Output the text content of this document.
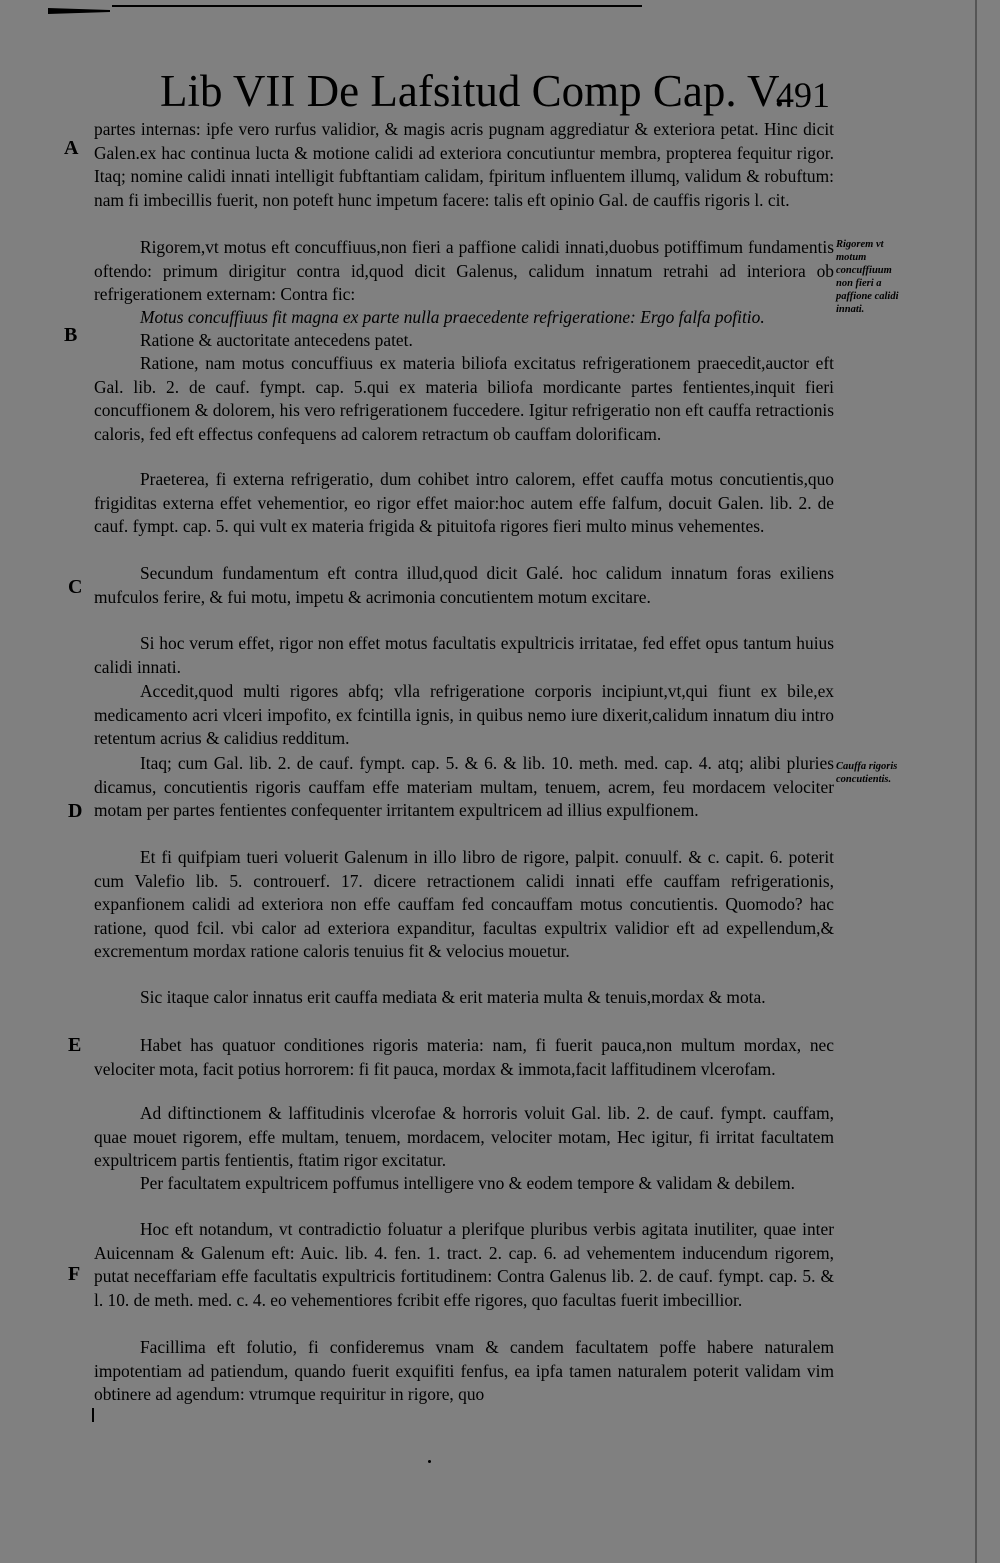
Lib VII De Lafsitud Comp Cap. V.
491
A
B
C
D
E
F
Rigorem vt motum concuffiuum non fieri a paffione calidi innati.
Cauffa rigoris concutientis.

partes internas: ipfe vero rurfus validior, & magis acris pugnam aggrediatur & exteriora petat. Hinc dicit Galen.ex hac continua lucta & motione calidi ad exteriora concutiuntur membra, propterea fequitur rigor. Itaq; nomine calidi innati intelligit fubftantiam calidam, fpiritum influentem illumq, validum & robuftum: nam fi imbecillis fuerit, non poteft hunc impetum facere: talis eft opinio Gal. de cauffis rigoris l. cit.

Rigorem,vt motus eft concuffiuus,non fieri a paffione calidi innati,duobus potiffimum fundamentis oftendo: primum dirigitur contra id,quod dicit Galenus, calidum innatum retrahi ad interiora ob refrigerationem externam: Contra fic:

Motus concuffiuus fit magna ex parte nulla praecedente refrigeratione: Ergo falfa pofitio.

Ratione & auctoritate antecedens patet.

Ratione, nam motus concuffiuus ex materia biliofa excitatus refrigerationem praecedit,auctor eft Gal. lib. 2. de cauf. fympt. cap. 5.qui ex materia biliofa mordicante partes fentientes,inquit fieri concuffionem & dolorem, his vero refrigerationem fuccedere. Igitur refrigeratio non eft cauffa retractionis caloris, fed eft effectus confequens ad calorem retractum ob cauffam dolorificam.

Praeterea, fi externa refrigeratio, dum cohibet intro calorem, effet cauffa motus concutientis,quo frigiditas externa effet vehementior, eo rigor effet maior:hoc autem effe falfum, docuit Galen. lib. 2. de cauf. fympt. cap. 5. qui vult ex materia frigida & pituitofa rigores fieri multo minus vehementes.

Secundum fundamentum eft contra illud,quod dicit Galé. hoc calidum innatum foras exiliens mufculos ferire, & fui motu, impetu & acrimonia concutientem motum excitare.

Si hoc verum effet, rigor non effet motus facultatis expultricis irritatae, fed effet opus tantum huius calidi innati.

Accedit,quod multi rigores abfq; vlla refrigeratione corporis incipiunt,vt,qui fiunt ex bile,ex medicamento acri vlceri impofito, ex fcintilla ignis, in quibus nemo iure dixerit,calidum innatum diu intro retentum acrius & calidius redditum.

Itaq; cum Gal. lib. 2. de cauf. fympt. cap. 5. & 6. & lib. 10. meth. med. cap. 4. atq; alibi pluries dicamus, concutientis rigoris cauffam effe materiam multam, tenuem, acrem, feu mordacem velociter motam per partes fentientes confequenter irritantem expultricem ad illius expulfionem.

Et fi quifpiam tueri voluerit Galenum in illo libro de rigore, palpit. conuulf. & c. capit. 6. poterit cum Valefio lib. 5. controuerf. 17. dicere retractionem calidi innati effe cauffam refrigerationis, expanfionem calidi ad exteriora non effe cauffam fed concauffam motus concutientis. Quomodo? hac ratione, quod fcil. vbi calor ad exteriora expanditur, facultas expultrix validior eft ad expellendum,& excrementum mordax ratione caloris tenuius fit & velocius mouetur.

Sic itaque calor innatus erit cauffa mediata & erit materia multa & tenuis,mordax & mota.

Habet has quatuor conditiones rigoris materia: nam, fi fuerit pauca,non multum mordax, nec velociter mota, facit potius horrorem: fi fit pauca, mordax & immota,facit laffitudinem vlcerofam.

Ad diftinctionem & laffitudinis vlcerofae & horroris voluit Gal. lib. 2. de cauf. fympt. cauffam, quae mouet rigorem, effe multam, tenuem, mordacem, velociter motam, Hec igitur, fi irritat facultatem expultricem partis fentientis, ftatim rigor excitatur.

Per facultatem expultricem poffumus intelligere vno & eodem tempore & validam & debilem.

Hoc eft notandum, vt contradictio foluatur a plerifque pluribus verbis agitata inutiliter, quae inter Auicennam & Galenum eft: Auic. lib. 4. fen. 1. tract. 2. cap. 6. ad vehementem inducendum rigorem, putat neceffariam effe facultatis expultricis fortitudinem: Contra Galenus lib. 2. de cauf. fympt. cap. 5. & l. 10. de meth. med. c. 4. eo vehementiores fcribit effe rigores, quo facultas fuerit imbecillior.

Facillima eft folutio, fi confideremus vnam & candem facultatem poffe habere naturalem impotentiam ad patiendum, quando fuerit exquifiti fenfus, ea ipfa tamen naturalem poterit validam vim obtinere ad agendum: vtrumque requiritur in rigore, quo
